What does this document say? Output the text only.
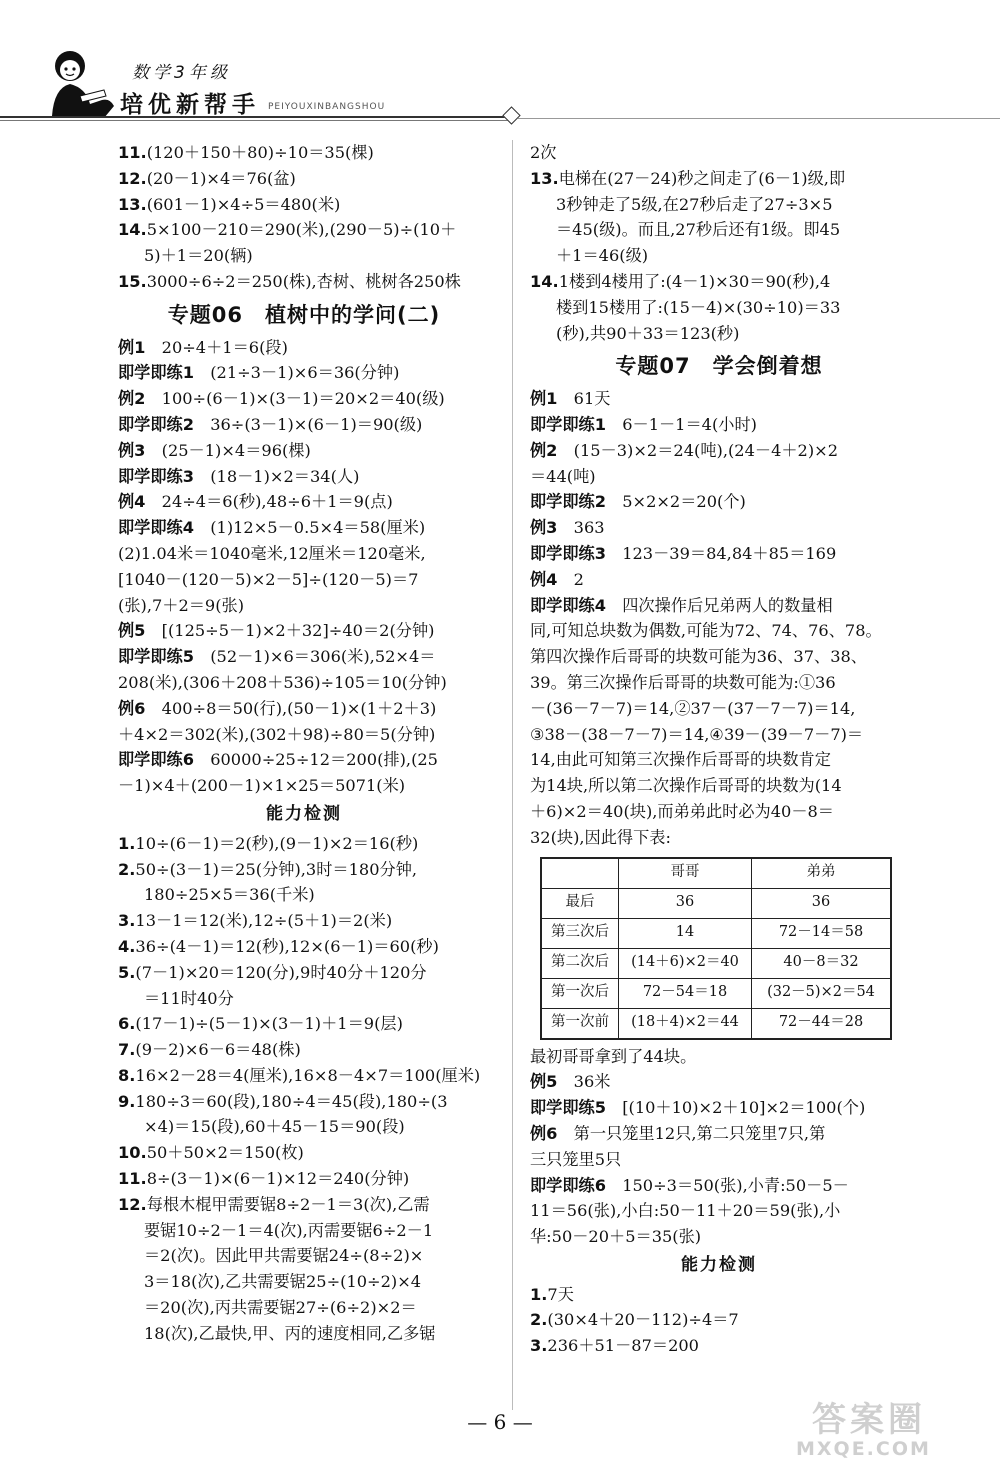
数学3年级
培优新帮手 PEIYOUXINBANGSHOU
11.(120＋150＋80)÷10＝35(棵)
12.(20－1)×4＝76(盆)
13.(601－1)×4÷5＝480(米)
14.5×100－210＝290(米),(290－5)÷(10＋
5)＋1＝20(辆)
15.3000÷6÷2＝250(株),杏树、桃树各250株
专题06　植树中的学问(二)
例1 20÷4＋1＝6(段)
即学即练1 (21÷3－1)×6＝36(分钟)
例2 100÷(6－1)×(3－1)＝20×2＝40(级)
即学即练2 36÷(3－1)×(6－1)＝90(级)
例3 (25－1)×4＝96(棵)
即学即练3 (18－1)×2＝34(人)
例4 24÷4＝6(秒),48÷6＋1＝9(点)
即学即练4 (1)12×5－0.5×4＝58(厘米)
(2)1.04米＝1040毫米,12厘米＝120毫米,
[1040－(120－5)×2－5]÷(120－5)＝7
(张),7＋2＝9(张)
例5 [(125÷5－1)×2＋32]÷40＝2(分钟)
即学即练5 (52－1)×6＝306(米),52×4＝
208(米),(306＋208＋536)÷105＝10(分钟)
例6 400÷8＝50(行),(50－1)×(1＋2＋3)
＋4×2＝302(米),(302＋98)÷80＝5(分钟)
即学即练6 60000÷25÷12＝200(排),(25
－1)×4＋(200－1)×1×25＝5071(米)
能力检测
1.10÷(6－1)＝2(秒),(9－1)×2＝16(秒)
2.50÷(3－1)＝25(分钟),3时＝180分钟,
180÷25×5＝36(千米)
3.13－1＝12(米),12÷(5＋1)＝2(米)
4.36÷(4－1)＝12(秒),12×(6－1)＝60(秒)
5.(7－1)×20＝120(分),9时40分＋120分
＝11时40分
6.(17－1)÷(5－1)×(3－1)＋1＝9(层)
7.(9－2)×6－6＝48(株)
8.16×2－28＝4(厘米),16×8－4×7＝100(厘米)
9.180÷3＝60(段),180÷4＝45(段),180÷(3
×4)＝15(段),60＋45－15＝90(段)
10.50＋50×2＝150(枚)
11.8÷(3－1)×(6－1)×12＝240(分钟)
12.每根木棍甲需要锯8÷2－1＝3(次),乙需
要锯10÷2－1＝4(次),丙需要锯6÷2－1
＝2(次)。因此甲共需要锯24÷(8÷2)×
3＝18(次),乙共需要锯25÷(10÷2)×4
＝20(次),丙共需要锯27÷(6÷2)×2＝
18(次),乙最快,甲、丙的速度相同,乙多锯
2次
13.电梯在(27－24)秒之间走了(6－1)级,即
3秒钟走了5级,在27秒后走了27÷3×5
＝45(级)。而且,27秒后还有1级。即45
＋1＝46(级)
14.1楼到4楼用了:(4－1)×30＝90(秒),4
楼到15楼用了:(15－4)×(30÷10)＝33
(秒),共90＋33＝123(秒)
专题07　学会倒着想
例1 61天
即学即练1 6－1－1＝4(小时)
例2 (15－3)×2＝24(吨),(24－4＋2)×2
＝44(吨)
即学即练2 5×2×2＝20(个)
例3 363
即学即练3 123－39＝84,84＋85＝169
例4 2
即学即练4 四次操作后兄弟两人的数量相
同,可知总块数为偶数,可能为72、74、76、78。
第四次操作后哥哥的块数可能为36、37、38、
39。第三次操作后哥哥的块数可能为:①36
－(36－7－7)＝14,②37－(37－7－7)＝14,
③38－(38－7－7)＝14,④39－(39－7－7)＝
14,由此可知第三次操作后哥哥的块数肯定
为14块,所以第二次操作后哥哥的块数为(14
＋6)×2＝40(块),而弟弟此时必为40－8＝
32(块),因此得下表:
	哥哥	弟弟
最后	36	36
第三次后	14	72－14＝58
第二次后	(14＋6)×2＝40	40－8＝32
第一次后	72－54＝18	(32－5)×2＝54
第一次前	(18＋4)×2＝44	72－44＝28
最初哥哥拿到了44块。
例5 36米
即学即练5 [(10＋10)×2＋10]×2＝100(个)
例6 第一只笼里12只,第二只笼里7只,第
三只笼里5只
即学即练6 150÷3＝50(张),小青:50－5－
11＝56(张),小白:50－11＋20＝59(张),小
华:50－20＋5＝35(张)
能力检测
1.7天
2.(30×4＋20－112)÷4＝7
3.236＋51－87＝200
— 6 —	答案圈
MXQE.COM
